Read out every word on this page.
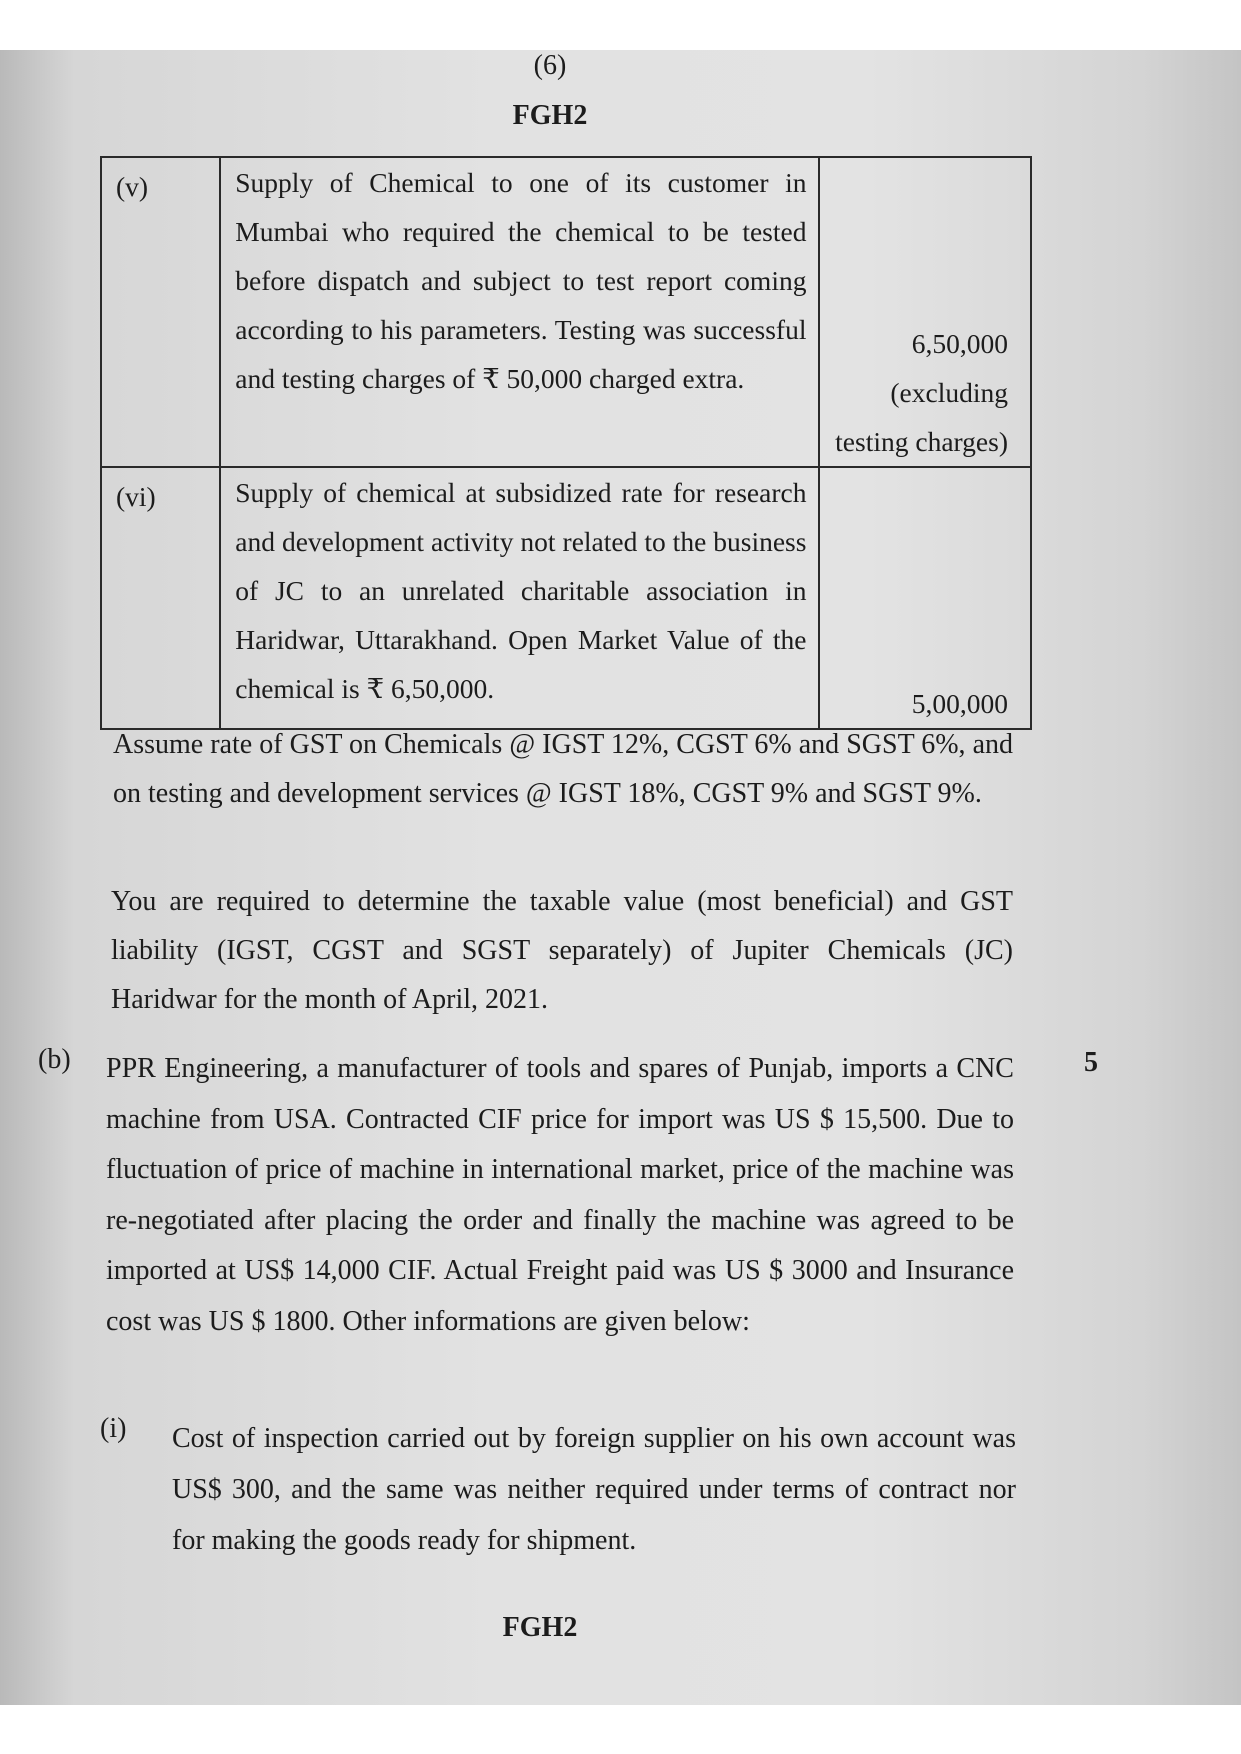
(6)
FGH2
(v)	Supply of Chemical to one of its customer in Mumbai who required the chemical to be tested before dispatch and subject to test report coming according to his parameters. Testing was successful and testing charges of ₹ 50,000 charged extra.	6,50,000
(excluding testing charges)

(vi)	Supply of chemical at subsidized rate for research and development activity not related to the business of JC to an unrelated charitable association in Haridwar, Uttarakhand. Open Market Value of the chemical is ₹ 6,50,000.	5,00,000
Assume rate of GST on Chemicals @ IGST 12%, CGST 6% and SGST 6%, and on testing and development services @ IGST 18%, CGST 9% and SGST 9%.
You are required to determine the taxable value (most beneficial) and GST liability (IGST, CGST and SGST separately) of Jupiter Chemicals (JC) Haridwar for the month of April, 2021.
(b) PPR Engineering, a manufacturer of tools and spares of Punjab, imports a CNC machine from USA. Contracted CIF price for import was US $ 15,500. Due to fluctuation of price of machine in international market, price of the machine was re-negotiated after placing the order and finally the machine was agreed to be imported at US$ 14,000 CIF. Actual Freight paid was US $ 3000 and Insurance cost was US $ 1800. Other informations are given below:
5
(i) Cost of inspection carried out by foreign supplier on his own account was US$ 300, and the same was neither required under terms of contract nor for making the goods ready for shipment.
FGH2
